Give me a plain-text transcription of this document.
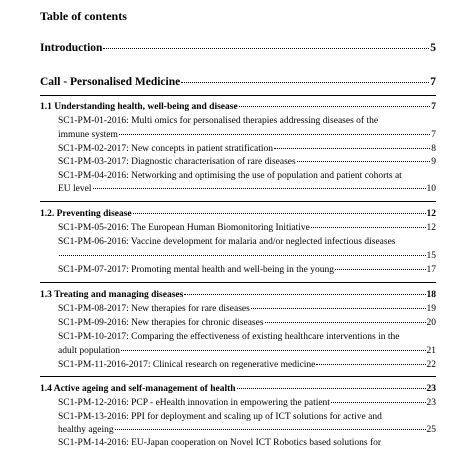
Table of contents
Introduction	5
Call - Personalised Medicine	7
1.1 Understanding health, well-being and disease	7
SC1-PM-01-2016: Multi omics for personalised therapies addressing diseases of the
immune system	7
SC1-PM-02-2017: New concepts in patient stratification	8
SC1-PM-03-2017: Diagnostic characterisation of rare diseases	9
SC1-PM-04-2016: Networking and optimising the use of population and patient cohorts at
EU level	10
1.2. Preventing disease	12
SC1-PM-05-2016: The European Human Biomonitoring Initiative	12
SC1-PM-06-2016: Vaccine development for malaria and/or neglected infectious diseases
15
SC1-PM-07-2017: Promoting mental health and well-being in the young	17
1.3 Treating and managing diseases	18
SC1-PM-08-2017: New therapies for rare diseases	19
SC1-PM-09-2016: New therapies for chronic diseases	20
SC1-PM-10-2017: Comparing the effectiveness of existing healthcare interventions in the
adult population	21
SC1-PM-11-2016-2017: Clinical research on regenerative medicine	22
1.4 Active ageing and self-management of health	23
SC1-PM-12-2016: PCP - eHealth innovation in empowering the patient	23
SC1-PM-13-2016: PPI for deployment and scaling up of ICT solutions for active and
healthy ageing	25
SC1-PM-14-2016: EU-Japan cooperation on Novel ICT Robotics based solutions for
